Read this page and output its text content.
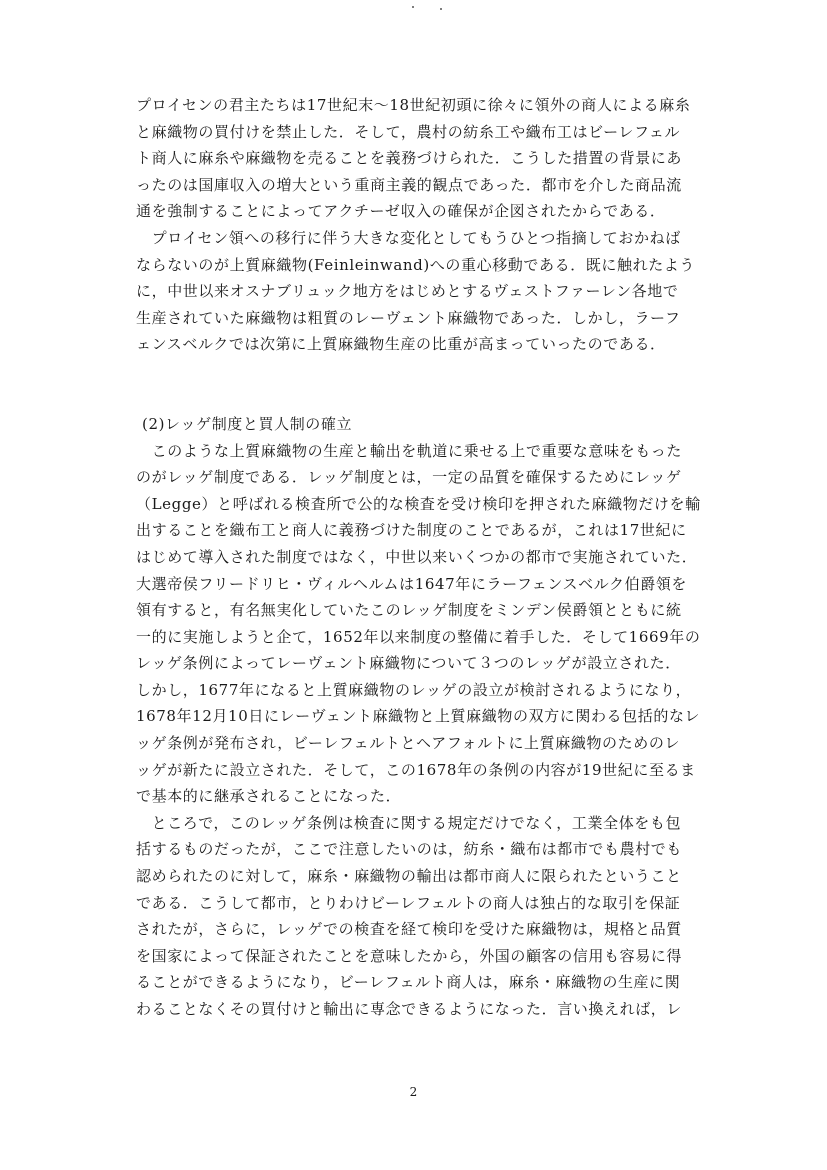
プロイセンの君主たちは17世紀末～18世紀初頭に徐々に領外の商人による麻糸
と麻織物の買付けを禁止した．そして，農村の紡糸工や織布工はビーレフェル
ト商人に麻糸や麻織物を売ることを義務づけられた．こうした措置の背景にあ
ったのは国庫収入の増大という重商主義的観点であった．都市を介した商品流
通を強制することによってアクチーゼ収入の確保が企図されたからである．
　プロイセン領への移行に伴う大きな変化としてもうひとつ指摘しておかねば
ならないのが上質麻織物(Feinleinwand)への重心移動である．既に触れたよう
に，中世以来オスナブリュック地方をはじめとするヴェストファーレン各地で
生産されていた麻織物は粗質のレーヴェント麻織物であった．しかし，ラーフ
ェンスベルクでは次第に上質麻織物生産の比重が高まっていったのである．
(2)レッゲ制度と買人制の確立
　このような上質麻織物の生産と輸出を軌道に乗せる上で重要な意味をもった
のがレッゲ制度である．レッゲ制度とは，一定の品質を確保するためにレッゲ
（Legge）と呼ばれる検査所で公的な検査を受け検印を押された麻織物だけを輸
出することを織布工と商人に義務づけた制度のことであるが，これは17世紀に
はじめて導入された制度ではなく，中世以来いくつかの都市で実施されていた．
大選帝侯フリードリヒ・ヴィルヘルムは1647年にラーフェンスベルク伯爵領を
領有すると，有名無実化していたこのレッゲ制度をミンデン侯爵領とともに統
一的に実施しようと企て，1652年以来制度の整備に着手した．そして1669年の
レッゲ条例によってレーヴェント麻織物について３つのレッゲが設立された．
しかし，1677年になると上質麻織物のレッゲの設立が検討されるようになり，
1678年12月10日にレーヴェント麻織物と上質麻織物の双方に関わる包括的なレ
ッゲ条例が発布され，ビーレフェルトとヘアフォルトに上質麻織物のためのレ
ッゲが新たに設立された．そして，この1678年の条例の内容が19世紀に至るま
で基本的に継承されることになった．
　ところで，このレッゲ条例は検査に関する規定だけでなく，工業全体をも包
括するものだったが，ここで注意したいのは，紡糸・織布は都市でも農村でも
認められたのに対して，麻糸・麻織物の輸出は都市商人に限られたということ
である．こうして都市，とりわけビーレフェルトの商人は独占的な取引を保証
されたが，さらに，レッゲでの検査を経て検印を受けた麻織物は，規格と品質
を国家によって保証されたことを意味したから，外国の顧客の信用も容易に得
ることができるようになり，ビーレフェルト商人は，麻糸・麻織物の生産に関
わることなくその買付けと輸出に専念できるようになった．言い換えれば，レ
2
